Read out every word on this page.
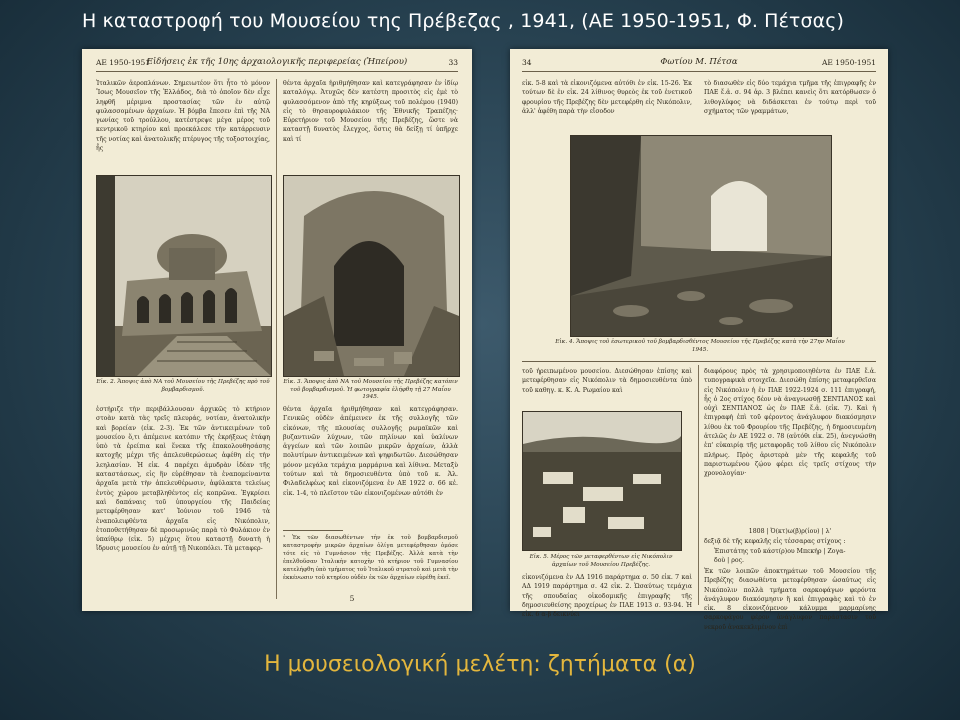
Η καταστροφή του Μουσείου της Πρέβεζας , 1941, (ΑΕ 1950-1951, Φ. Πέτσας)
ΑΕ 1950-1951
Εἰδήσεις ἐκ τῆς 10ης ἀρχαιολογικῆς περιφερείας (Ἠπείρου)	33
Ἰταλικῶν ἀεροπλάνων. Σημειωτέον ὅτι ἦτο τὸ μόνον Ἴσως Μουσεῖον τῆς Ἑλλάδος, διὰ τὸ ὁποῖον δὲν εἶχε ληφθῆ μέριμνα προστασίας τῶν ἐν αὐτῷ φυλασσομένων ἀρχαίων. Ἡ βόμβα ἔπεσεν ἐπὶ τῆς ΝΑ γωνίας τοῦ τρούλλου, κατέστρεψε μέγα μέρος τοῦ κεντρικοῦ κτηρίου καὶ προεκάλεσε τὴν κατάρρευσιν τῆς νοτίας καὶ ἀνατολικῆς πτέρυγος τῆς τοξοστοιχίας, ἧς
θέντα ἀρχαῖα ἠριθμήθησαν καὶ κατεγράφησαν ἐν ἰδίῳ καταλόγῳ. Ἀτυχῶς δὲν κατέστη προσιτὸς εἰς ἐμὲ τὸ φυλασσόμενον ἀπὸ τῆς κηρύξεως τοῦ πολέμου (1940) εἰς τὸ θησαυροφυλάκιον τῆς Ἐθνικῆς Τραπέζης· Εὑρετήριον τοῦ Μουσείου τῆς Πρεβέζης, ὥστε νὰ καταστῇ δυνατὸς ἔλεγχος, ὅστις θὰ δείξῃ τί ὑπῆρχε καὶ τί
Εἰκ. 2. Ἄποψις ἀπὸ ΝΑ τοῦ Μουσείου τῆς Πρεβέζης πρὸ τοῦ βομβαρδισμοῦ.
Εἰκ. 3. Ἄποψις ἀπὸ ΝΑ τοῦ Μουσείου τῆς Πρεβέζης κατόπιν τοῦ βομβαρδισμοῦ. Ἡ φωτογραφία ἐλήφθη τῇ 27 Μαΐου 1945.
ἐστήριζε τὴν περιβάλλουσαν ἀρχικῶς τὸ κτήριον στοὰν κατὰ τὰς τρεῖς πλευράς, νοτίαν, ἀνατολικὴν καὶ βορείαν (εἰκ. 2-3). Ἐκ τῶν ἀντικειμένων τοῦ μουσείου ὅ,τι ἀπέμεινε κατόπιν τῆς ἐκρήξεως ἐτάφη ὑπὸ τὰ ἐρείπια καὶ ἕνεκα τῆς ἐπακολουθησάσης κατοχῆς μέχρι τῆς ἀπελευθερώσεως ἀφέθη εἰς τὴν λεηλασίαν. Ἡ εἰκ. 4 παρέχει ἀμυδρὰν ἰδέαν τῆς καταστάσεως, εἰς ἣν εὑρέθησαν τὰ ἐναπομείναντα ἀρχαῖα μετὰ τὴν ἀπελευθέρωσιν, ἀφύλακτα τελείως ἐντὸς χώρου μεταβληθέντος εἰς κοπρῶνα. Ἐγκρίσει καὶ δαπάναις τοῦ ὑπουργείου τῆς Παιδείας μετεφέρθησαν κατ' Ἰούνιον τοῦ 1946 τὰ ἐναπολειφθέντα ἀρχαῖα εἰς Νικόπολιν, ἐτοποθετήθησαν δὲ προσωρινῶς παρὰ τὸ Φυλάκιον ἐν ὑπαίθρῳ (εἰκ. 5) μέχρις ὅτου καταστῇ δυνατὴ ἡ ἵδρυσις μουσείου ἐν αὐτῇ τῇ Νικοπόλει. Τὰ μεταφερ-
θέντα ἀρχαῖα ἠριθμήθησαν καὶ κατεγράφησαν. Γενικῶς οὐδὲν ἀπέμεινεν ἐκ τῆς συλλογῆς τῶν εἰκόνων, τῆς πλουσίας συλλογῆς ρωμαϊκῶν καὶ βυζαντινῶν λύχνων, τῶν πηλίνων καὶ ὑαλίνων ἀγγείων καὶ τῶν λοιπῶν μικρῶν ἀρχαίων, ἀλλὰ πολυτίμων ἀντικειμένων καὶ ψηφιδωτῶν. Διεσώθησαν μόνον μεγάλα τεμάχια μαρμάρινα καὶ λίθινα. Μεταξὺ τούτων καὶ τὰ δημοσιευθέντα ὑπὸ τοῦ κ. Ἀλ. Φιλαδελφέως καὶ εἰκονιζόμενα ἐν ΑΕ 1922 σ. 66 κἑ. εἰκ. 1-4, τὸ πλεῖστον τῶν εἰκονιζομένων αὐτόθι ἐν
¹ Ἐκ τῶν διασωθέντων τὴν ἐκ τοῦ βομβαρδισμοῦ καταστροφὴν μικρῶν ἀρχαίων ὀλίγα μετεφέρθησαν ὁμόσε τότε εἰς τὸ Γυμνάσιον τῆς Πρεβέζης. Ἀλλὰ κατὰ τὴν ἐπελθοῦσαν Ἰταλικὴν κατοχὴν τὸ κτήριον τοῦ Γυμνασίου κατελήφθη ὑπὸ τμήματος τοῦ Ἰταλικοῦ στρατοῦ καὶ μετὰ τὴν ἐκκένωσιν τοῦ κτηρίου οὐδὲν ἐκ τῶν ἀρχαίων εὑρέθη ἐκεῖ.
5
34	Φωτίου Μ. Πέτσα	ΑΕ 1950-1951
εἰκ. 5-8 καὶ τὰ εἰκονιζόμενα αὐτόθι ἐν εἰκ. 15-26. Ἐκ τούτων δὲ ἐν εἰκ. 24 λίθινος θυρεὸς ἐκ τοῦ ἐνετικοῦ φρουρίου τῆς Πρεβέζης δὲν μετεφέρθη εἰς Νικόπολιν, ἀλλ' ἀφέθη παρὰ τὴν εἴσοδον
τὸ διασωθὲν εἰς δύο τεμάχια τμῆμα τῆς ἐπιγραφῆς ἐν ΠΑΕ ἔ.ἀ. σ. 94 ἀρ. 3 βλέπει κανεὶς ὅτι κατόρθωσεν ὁ λιθογλύφος νὰ διδάσκεται ἐν τούτῳ περὶ τοῦ σχήματος τῶν γραμμάτων,
Εἰκ. 4. Ἄποψις τοῦ ἐσωτερικοῦ τοῦ βομβαρδισθέντος Μουσείου τῆς Πρεβέζης κατὰ τὴν 27ην Μαΐου 1945.
τοῦ ἠρειπωμένου μουσείου. Διεσώθησαν ἐπίσης καὶ μετεφέρθησαν εἰς Νικόπολιν τὰ δημοσιευθέντα ὑπὸ τοῦ καθηγ. κ. Κ. Α. Ρωμαίου καὶ
Εἰκ. 5. Μέρος τῶν μεταφερθέντων εἰς Νικόπολιν ἀρχαίων τοῦ Μουσείου Πρεβέζης.
εἰκονιζόμενα ἐν ΑΔ 1916 παράρτημα σ. 50 εἰκ. 7 καὶ ΑΔ 1919 παράρτημα σ. 42 εἰκ. 2. Ὡσαύτως τεμάχια τῆς σπουδαίας οἰκοδομικῆς ἐπιγραφῆς τῆς δημοσιευθείσης προχείρως ἐν ΠΑΕ 1913 σ. 93-94. Ἡ εἰκ. 6 α-β δεικνύει
διαφόρους πρὸς τὰ χρησιμοποιηθέντα ἐν ΠΑΕ ἔ.ἀ. τυπογραφικὰ στοιχεῖα. Διεσώθη ἐπίσης μεταφερθεῖσα εἰς Νικόπολιν ἡ ἐν ΠΑΕ 1922-1924 σ. 111 ἐπιγραφή, ἧς ὁ 2ος στίχος δέον νὰ ἀναγνωσθῇ ΣΕΝΤΙΑΝΟΣ καὶ οὐχὶ ΣΕΝΤΙΑΝΟΣ ὡς ἐν ΠΑΕ ἔ.ἀ. (εἰκ. 7). Καὶ ἡ ἐπιγραφὴ ἐπὶ τοῦ φέροντος ἀνάγλυφον διακόσμησιν λίθου ἐκ τοῦ Φρουρίου τῆς Πρεβέζης, ἡ δημοσιευμένη ἀτελῶς ἐν ΑΕ 1922 σ. 78 (αὐτόθι εἰκ. 25), ἀνεγνώσθη ἐπ' εὐκαιρίᾳ τῆς μεταφορᾶς τοῦ λίθου εἰς Νικόπολιν πλήρως. Πρὸς ἀριστερὰ μὲν τῆς κεφαλῆς τοῦ παριστωμένου ζῴου φέρει εἰς τρεῖς στίχους τὴν χρονολογίαν·
1808 | Ὀ(κτ)ω(β)ρ(ίου) | λ'
δεξιᾷ δὲ τῆς κεφαλῆς εἰς τέσσαρας στίχους :
Ἐπιστάτης τοῦ κάστ(ρ)ου Μπεκήρ | Ζογα-
δοὺ | ρος.
Ἐκ τῶν λοιπῶν ἀποκτημάτων τοῦ Μουσείου τῆς Πρεβέζης διασωθέντα μετεφέρθησαν ὡσαύτως εἰς Νικόπολιν πολλὰ τμήματα σαρκοφάγων φερόντα ἀνάγλυφον διακόσμησιν ἢ καὶ ἐπιγραφὰς καὶ τὸ ἐν εἰκ. 8 εἰκονιζόμενον κάλυμμα μαρμαρίνης σαρκοφάγου φέρον ἀνάγλυφον παράστασιν τοῦ νεκροῦ ἀνακεκλιμένου ἐπὶ
Η μουσειολογική μελέτη: ζητήματα (α)
